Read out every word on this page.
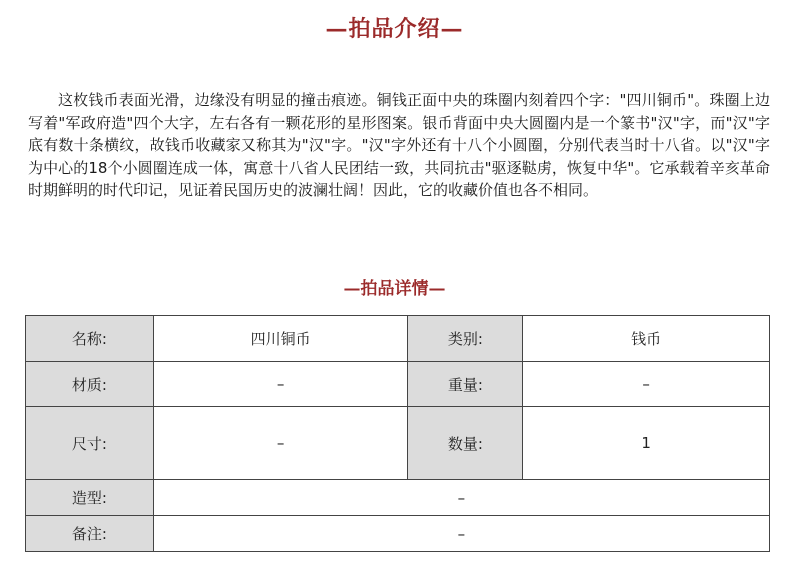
—拍品介绍—

这枚钱币表面光滑，边缘没有明显的撞击痕迹。铜钱正面中央的珠圈内刻着四个字："四川铜币"。珠圈上边写着"军政府造"四个大字，左右各有一颗花形的星形图案。银币背面中央大圆圈内是一个篆书"汉"字，而"汉"字底有数十条横纹，故钱币收藏家又称其为"汉"字。"汉"字外还有十八个小圆圈，分别代表当时十八省。以"汉"字为中心的18个小圆圈连成一体，寓意十八省人民团结一致，共同抗击"驱逐鞑虏，恢复中华"。它承载着辛亥革命时期鲜明的时代印记，见证着民国历史的波澜壮阔！因此，它的收藏价值也各不相同。

—拍品详情—
名称:	四川铜币	类别:	钱币
材质:	–	重量:	–
尺寸:	–	数量:	1
造型:	–		
备注:	–		
